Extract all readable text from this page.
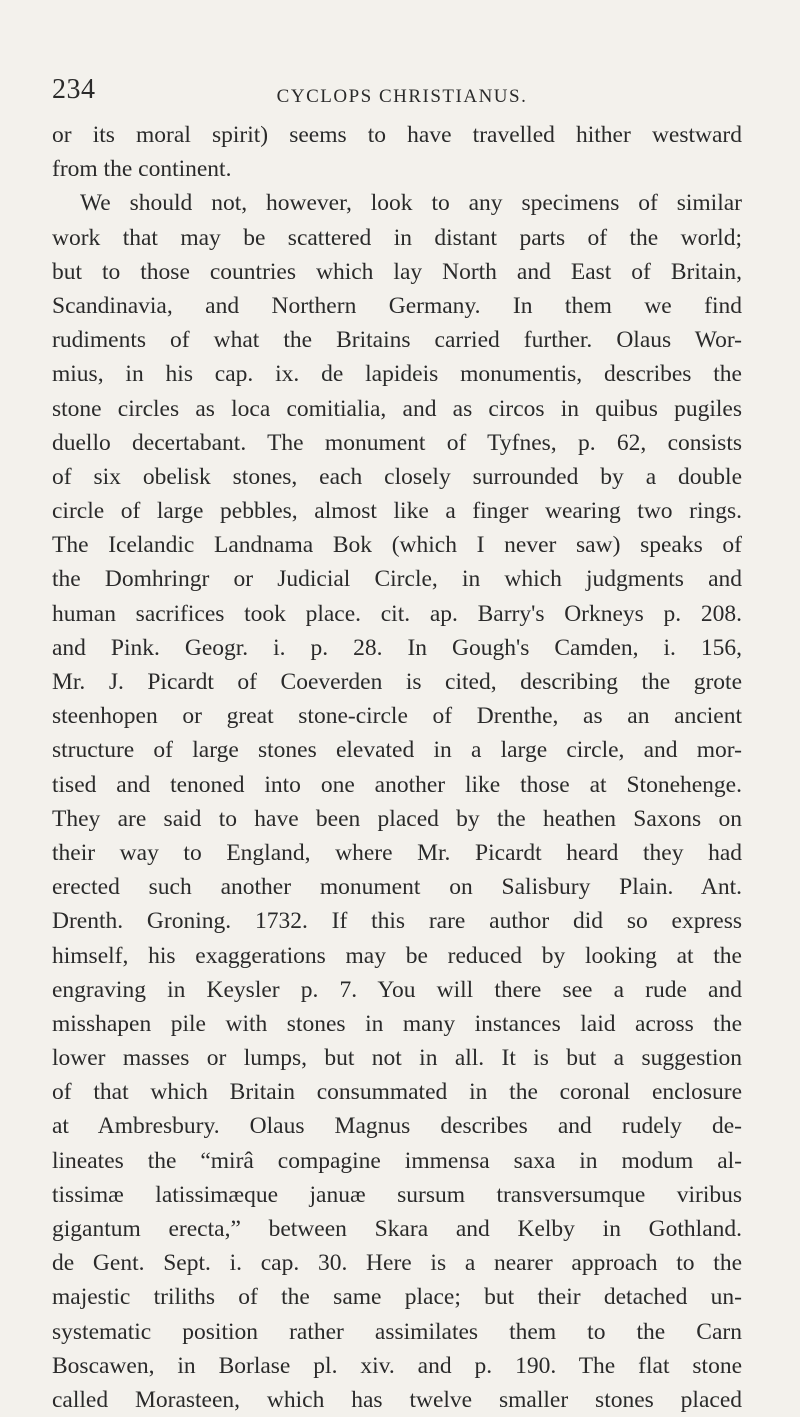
234	CYCLOPS CHRISTIANUS.
or its moral spirit) seems to have travelled hither westward
from the continent.
We should not, however, look to any specimens of similar
work that may be scattered in distant parts of the world;
but to those countries which lay North and East of Britain,
Scandinavia, and Northern Germany. In them we find
rudiments of what the Britains carried further. Olaus Wor-
mius, in his cap. ix. de lapideis monumentis, describes the
stone circles as loca comitialia, and as circos in quibus pugiles
duello decertabant. The monument of Tyfnes, p. 62, consists
of six obelisk stones, each closely surrounded by a double
circle of large pebbles, almost like a finger wearing two rings.
The Icelandic Landnama Bok (which I never saw) speaks of
the Domhringr or Judicial Circle, in which judgments and
human sacrifices took place. cit. ap. Barry's Orkneys p. 208.
and Pink. Geogr. i. p. 28. In Gough's Camden, i. 156,
Mr. J. Picardt of Coeverden is cited, describing the grote
steenhopen or great stone-circle of Drenthe, as an ancient
structure of large stones elevated in a large circle, and mor-
tised and tenoned into one another like those at Stonehenge.
They are said to have been placed by the heathen Saxons on
their way to England, where Mr. Picardt heard they had
erected such another monument on Salisbury Plain. Ant.
Drenth. Groning. 1732. If this rare author did so express
himself, his exaggerations may be reduced by looking at the
engraving in Keysler p. 7. You will there see a rude and
misshapen pile with stones in many instances laid across the
lower masses or lumps, but not in all. It is but a suggestion
of that which Britain consummated in the coronal enclosure
at Ambresbury. Olaus Magnus describes and rudely de-
lineates the “mirâ compagine immensa saxa in modum al-
tissimæ latissimæque januæ sursum transversumque viribus
gigantum erecta,” between Skara and Kelby in Gothland.
de Gent. Sept. i. cap. 30. Here is a nearer approach to the
majestic triliths of the same place; but their detached un-
systematic position rather assimilates them to the Carn
Boscawen, in Borlase pl. xiv. and p. 190. The flat stone
called Morasteen, which has twelve smaller stones placed
